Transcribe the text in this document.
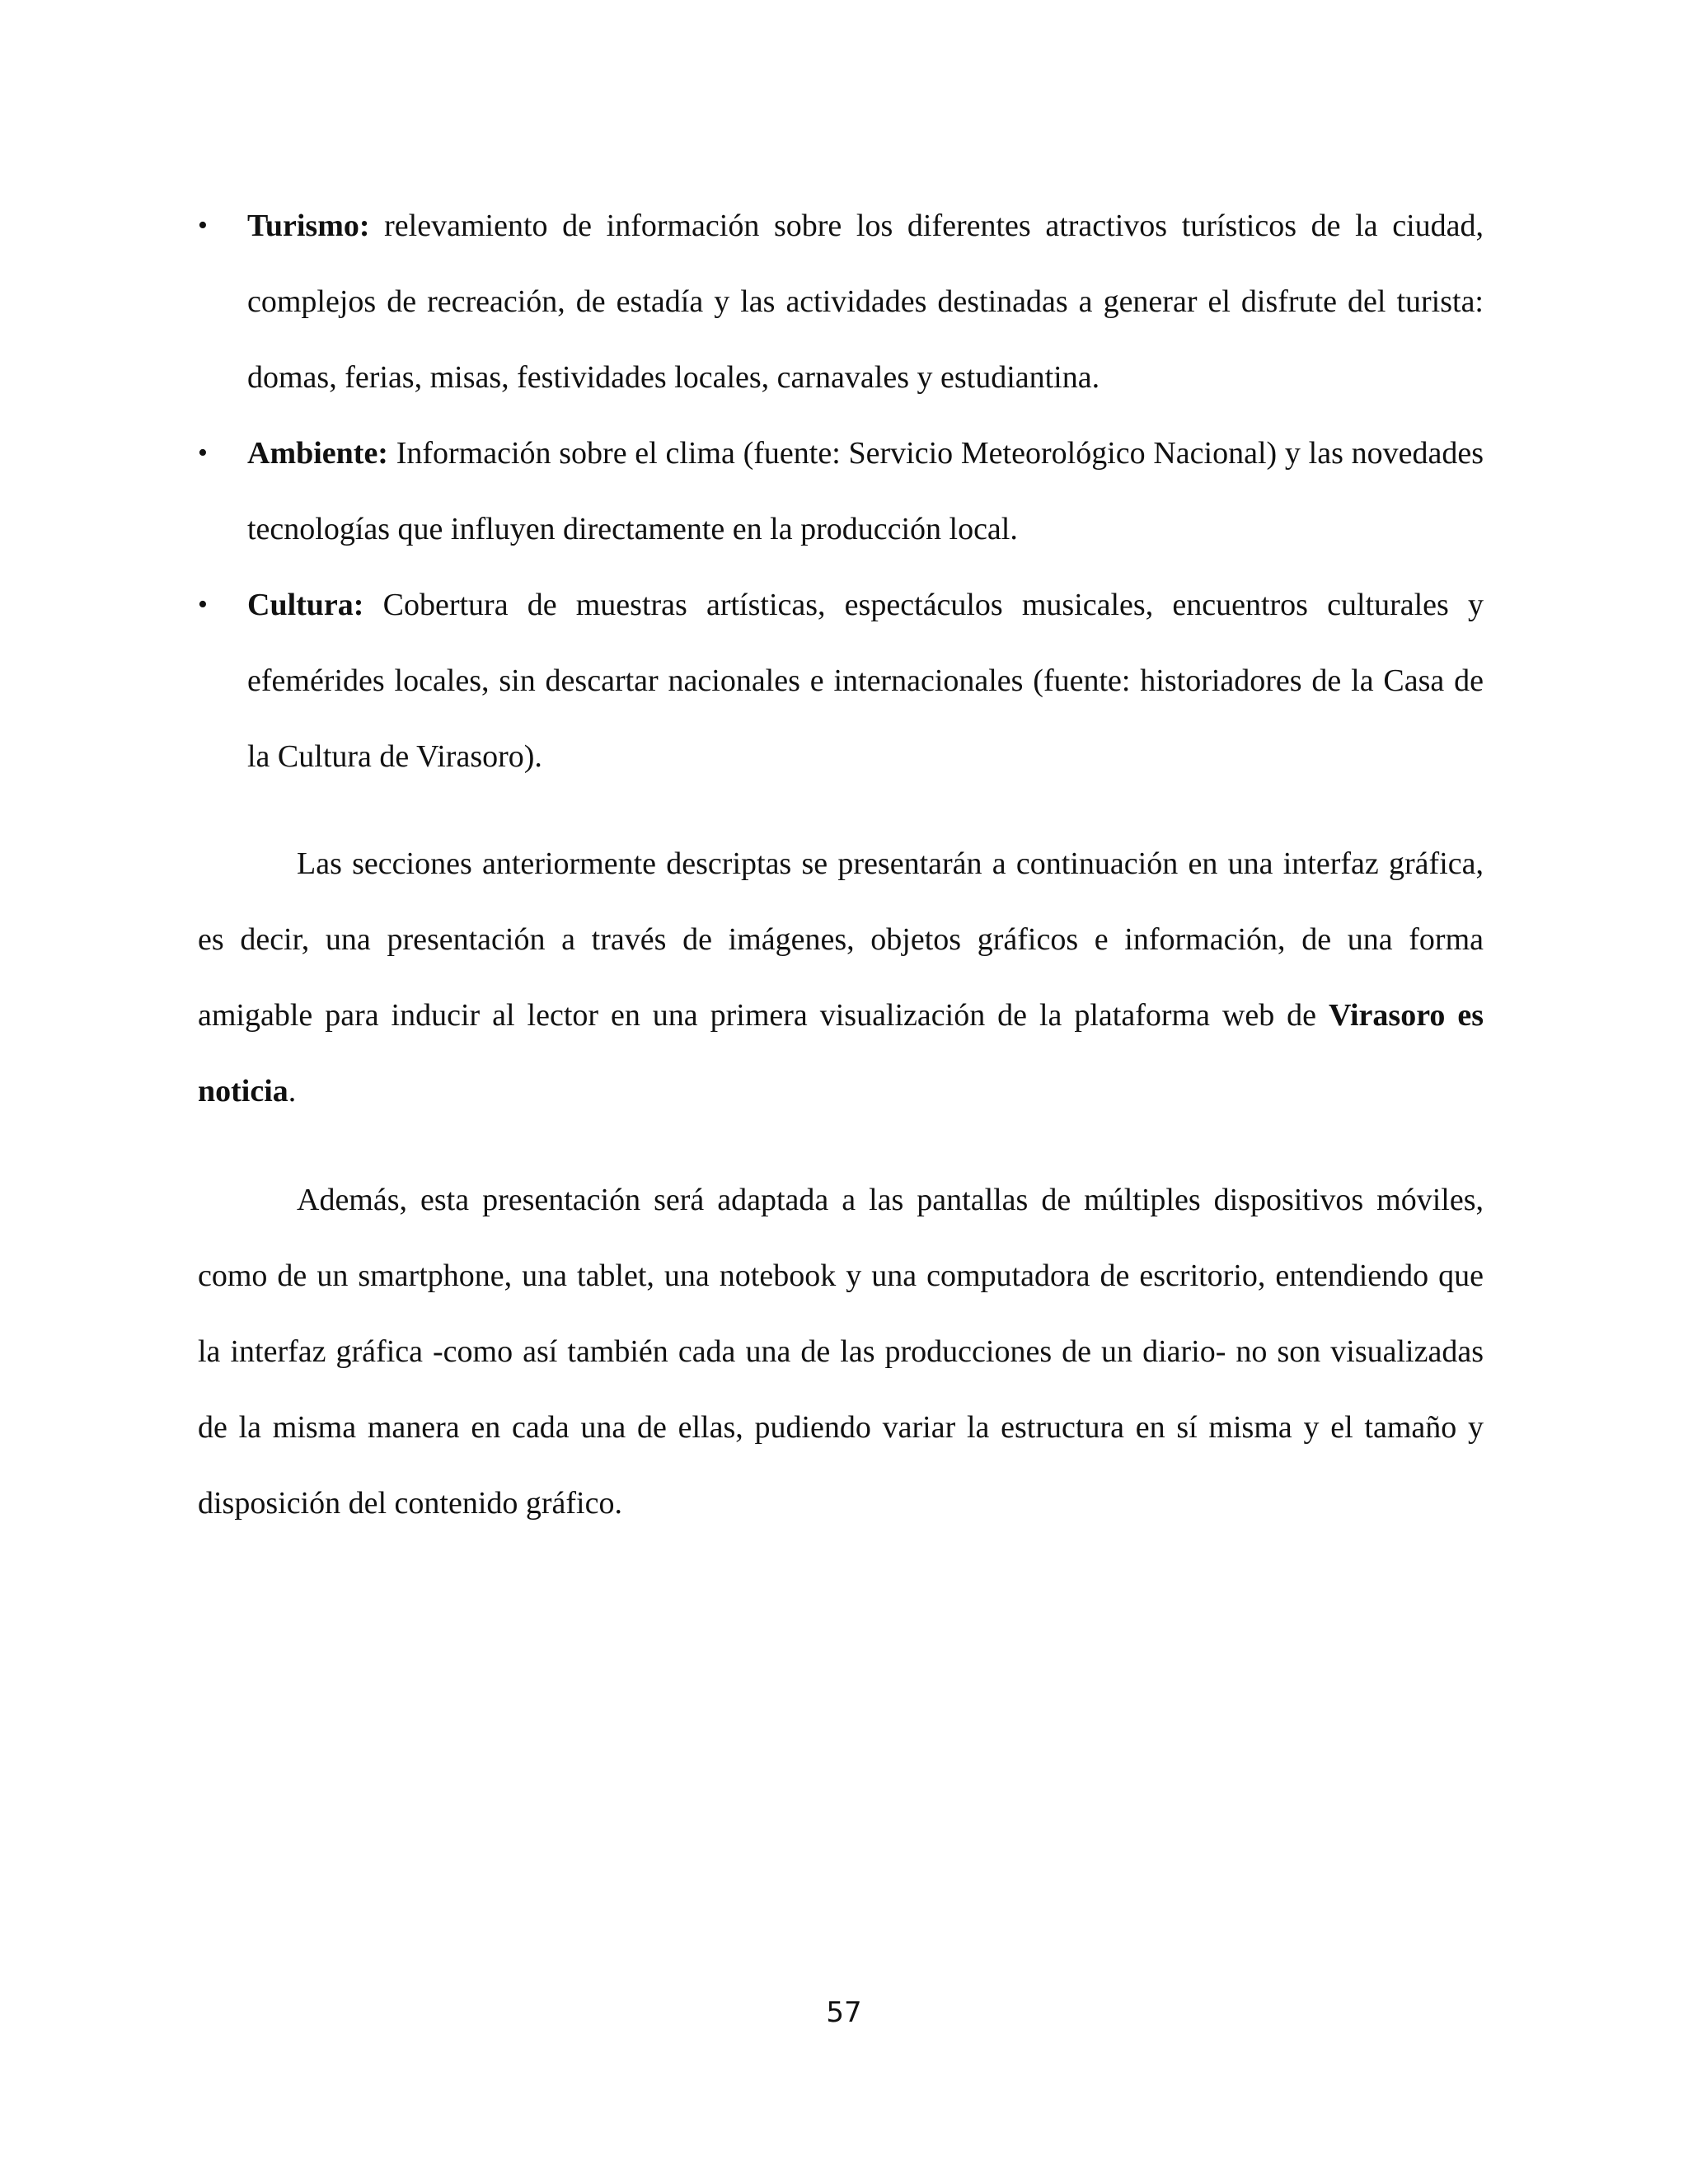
•	Turismo: relevamiento de información sobre los diferentes atractivos turísticos de la ciudad, complejos de recreación, de estadía y las actividades destinadas a generar el disfrute del turista: domas, ferias, misas, festividades locales, carnavales y estudiantina.
•	Ambiente: Información sobre el clima (fuente: Servicio Meteorológico Nacional) y las novedades tecnologías que influyen directamente en la producción local.
•	Cultura: Cobertura de muestras artísticas, espectáculos musicales, encuentros culturales y efemérides locales, sin descartar nacionales e internacionales (fuente: historiadores de la Casa de la Cultura de Virasoro).

Las secciones anteriormente descriptas se presentarán a continuación en una interfaz gráfica, es decir, una presentación a través de imágenes, objetos gráficos e información, de una forma amigable para inducir al lector en una primera visualización de la plataforma web de Virasoro es noticia.

Además, esta presentación será adaptada a las pantallas de múltiples dispositivos móviles, como de un smartphone, una tablet, una notebook y una computadora de escritorio, entendiendo que la interfaz gráfica -como así también cada una de las producciones de un diario- no son visualizadas de la misma manera en cada una de ellas, pudiendo variar la estructura en sí misma y el tamaño y disposición del contenido gráfico.

57
